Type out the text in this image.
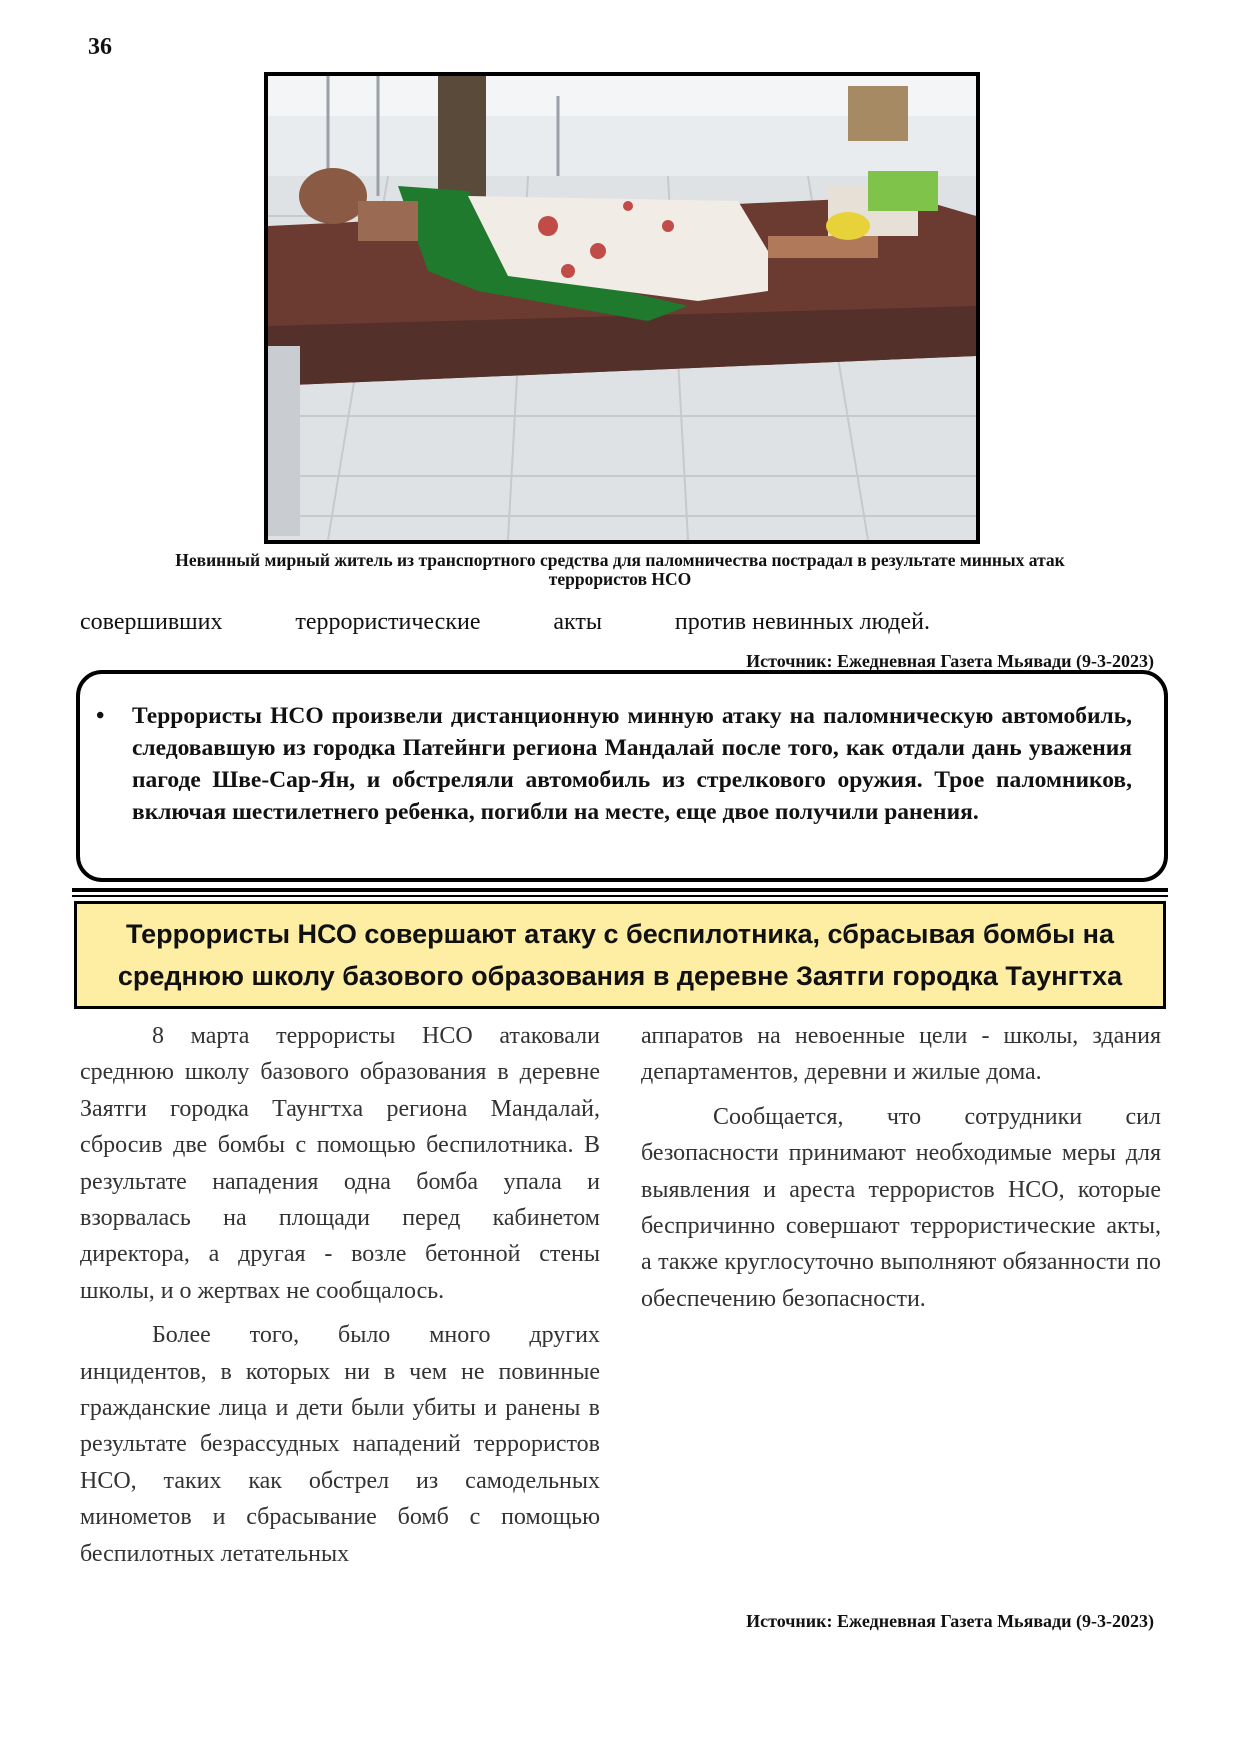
36
Невинный мирный житель из транспортного средства для паломничества пострадал в результате минных атак
террористов НСО
совершивших	террористические	акты	против невинных людей.
Источник: Ежедневная Газета Мьявади (9-3-2023)
• Террористы НСО произвели дистанционную минную атаку на паломническую автомобиль, следовавшую из городка Патейнги региона Мандалай после того, как отдали дань уважения пагоде Шве-Сар-Ян, и обстреляли автомобиль из стрелкового оружия. Трое паломников, включая шестилетнего ребенка, погибли на месте, еще двое получили ранения.
Террористы НСО совершают атаку с беспилотника, сбрасывая бомбы на
среднюю школу базового образования в деревне Заятги городка Таунгтха

8 марта террористы НСО атаковали среднюю школу базового образования в деревне Заятги городка Таунгтха региона Мандалай, сбросив две бомбы с помощью беспилотника. В результате нападения одна бомба упала и взорвалась на площади перед кабинетом директора, а другая - возле бетонной стены школы, и о жертвах не сообщалось.

Более того, было много других инцидентов, в которых ни в чем не повинные гражданские лица и дети были убиты и ранены в результате безрассудных нападений террористов НСО, таких как обстрел из самодельных минометов и сбрасывание бомб с помощью беспилотных летательных

аппаратов на невоенные цели - школы, здания департаментов, деревни и жилые дома.

Сообщается, что сотрудники сил безопасности принимают необходимые меры для выявления и ареста террористов НСО, которые беспричинно совершают террористические акты, а также круглосуточно выполняют обязанности по обеспечению безопасности.

Источник: Ежедневная Газета Мьявади (9-3-2023)
